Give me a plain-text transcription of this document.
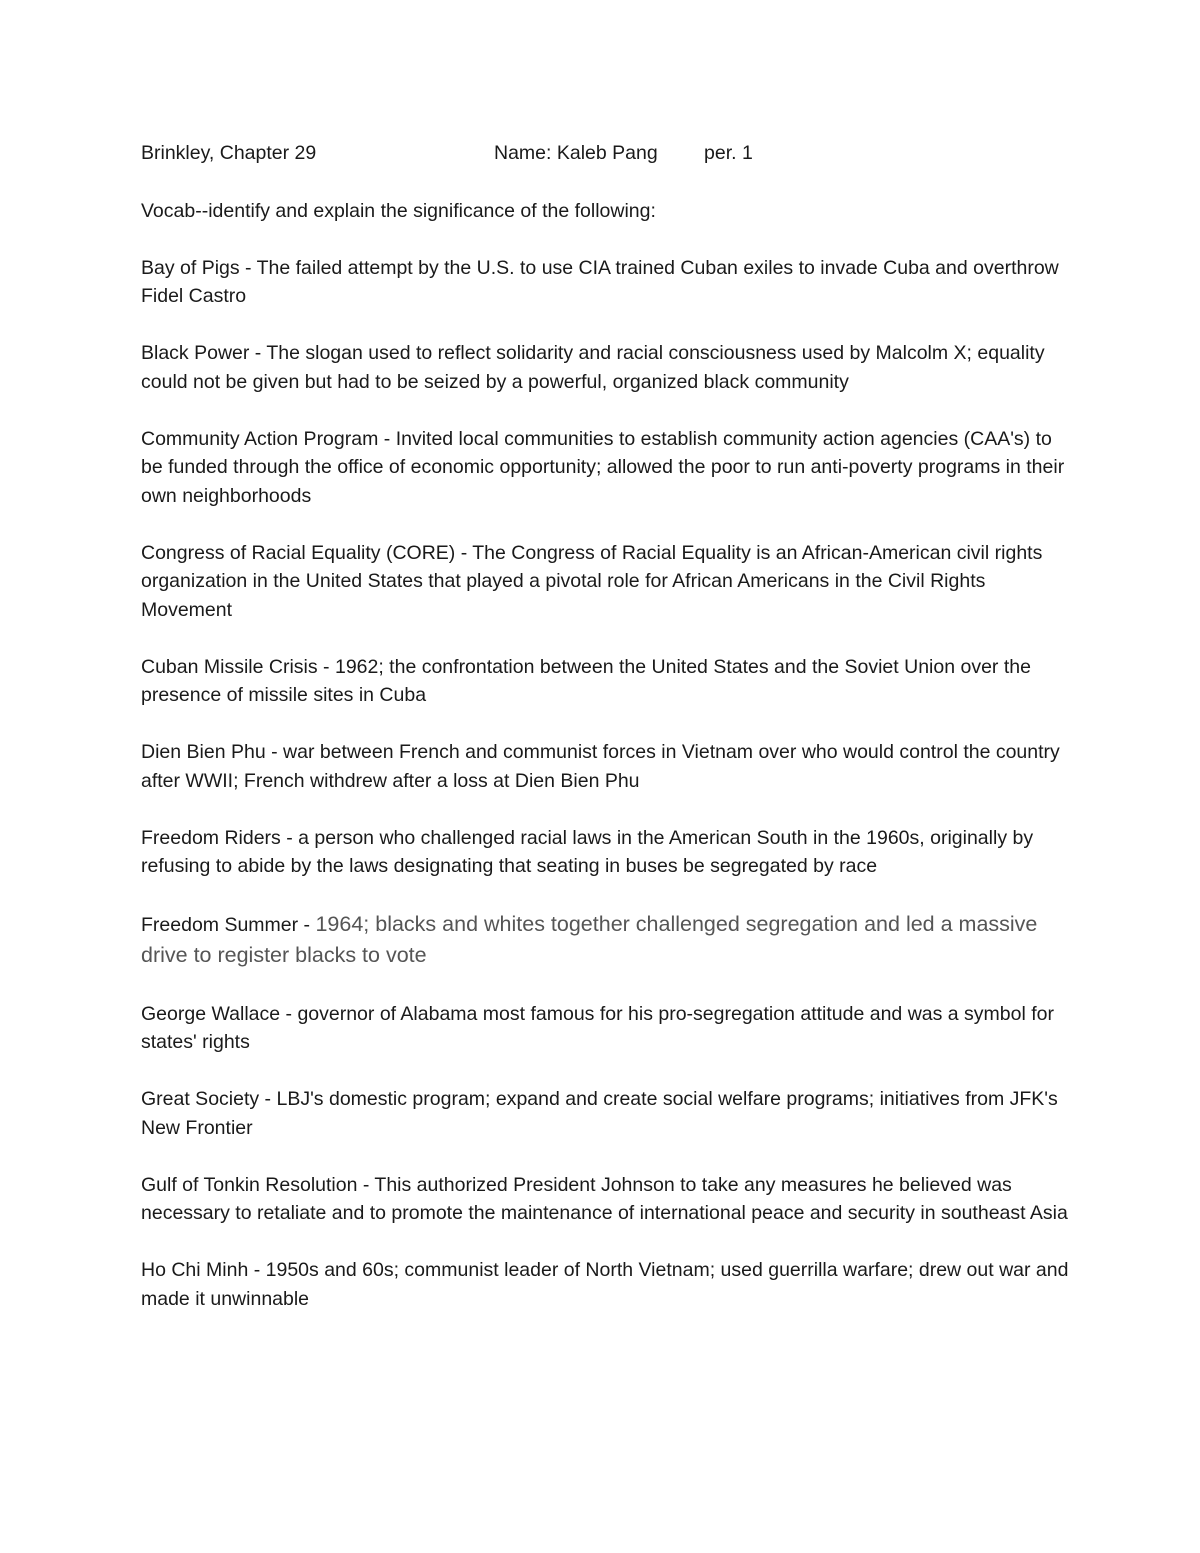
Brinkley, Chapter 29	Name: Kaleb Pang per. 1

Vocab--identify and explain the significance of the following:

Bay of Pigs - The failed attempt by the U.S. to use CIA trained Cuban exiles to invade Cuba and overthrow Fidel Castro

Black Power - The slogan used to reflect solidarity and racial consciousness used by Malcolm X; equality could not be given but had to be seized by a powerful, organized black community

Community Action Program - Invited local communities to establish community action agencies (CAA's) to be funded through the office of economic opportunity; allowed the poor to run anti-poverty programs in their own neighborhoods

Congress of Racial Equality (CORE) - The Congress of Racial Equality is an African-American civil rights organization in the United States that played a pivotal role for African Americans in the Civil Rights Movement

Cuban Missile Crisis - 1962; the confrontation between the United States and the Soviet Union over the presence of missile sites in Cuba

Dien Bien Phu - war between French and communist forces in Vietnam over who would control the country after WWII; French withdrew after a loss at Dien Bien Phu

Freedom Riders - a person who challenged racial laws in the American South in the 1960s, originally by refusing to abide by the laws designating that seating in buses be segregated by race

Freedom Summer - 1964; blacks and whites together challenged segregation and led a massive drive to register blacks to vote

George Wallace - governor of Alabama most famous for his pro-segregation attitude and was a symbol for states' rights

Great Society - LBJ's domestic program; expand and create social welfare programs; initiatives from JFK's New Frontier

Gulf of Tonkin Resolution - This authorized President Johnson to take any measures he believed was necessary to retaliate and to promote the maintenance of international peace and security in southeast Asia

Ho Chi Minh - 1950s and 60s; communist leader of North Vietnam; used guerrilla warfare; drew out war and made it unwinnable
